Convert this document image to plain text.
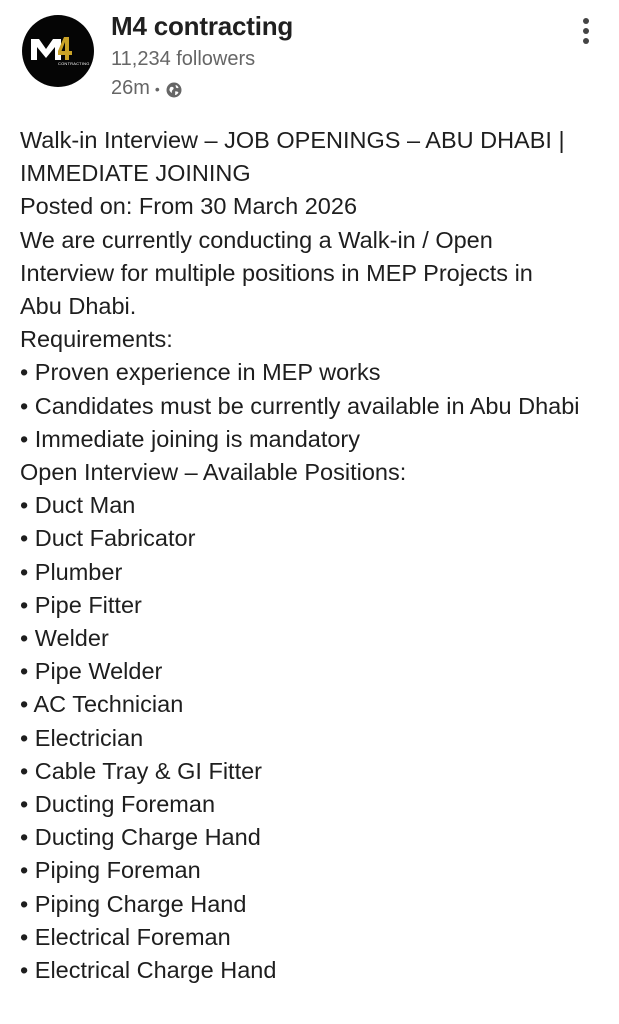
CONTRACTING
M4 contracting
11,234 followers
26m •

Walk-in Interview – JOB OPENINGS – ABU DHABI |

IMMEDIATE JOINING

Posted on: From 30 March 2026

We are currently conducting a Walk-in / Open

Interview for multiple positions in MEP Projects in

Abu Dhabi.

Requirements:

• Proven experience in MEP works
• Candidates must be currently available in Abu Dhabi
• Immediate joining is mandatory

Open Interview – Available Positions:

• Duct Man
• Duct Fabricator
• Plumber
• Pipe Fitter
• Welder
• Pipe Welder
• AC Technician
• Electrician
• Cable Tray & GI Fitter
• Ducting Foreman
• Ducting Charge Hand
• Piping Foreman
• Piping Charge Hand
• Electrical Foreman
• Electrical Charge Hand
